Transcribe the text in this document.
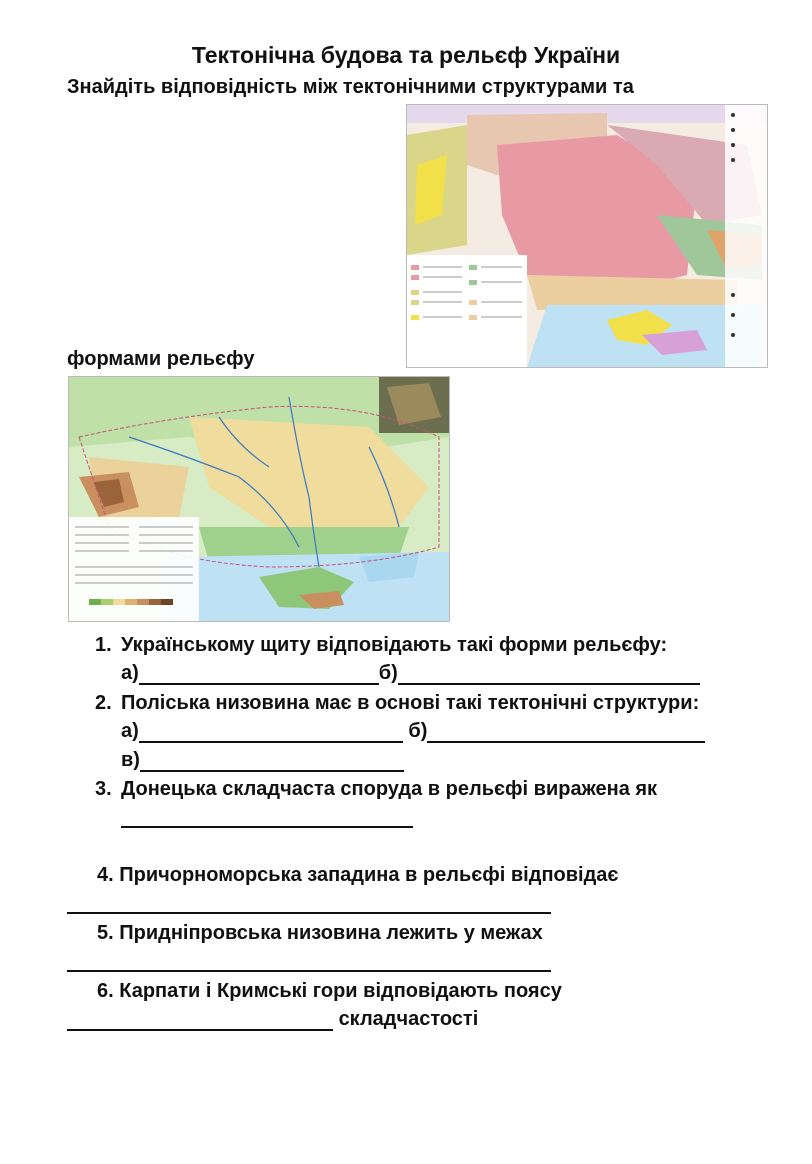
Тектонічна будова та рельєф України
Знайдіть відповідність між тектонічними структурами та
формами рельєфу
1. Українському щиту відповідають такі форми рельєфу:
а)	б)
2. Поліська низовина має в основі такі тектонічні структури:
а)	б)
в)
3. Донецька складчаста споруда в рельєфі виражена як
4. Причорноморська западина в рельєфі відповідає
5. Придніпровська низовина лежить у межах
6. Карпати і Кримські гори відповідають поясу
складчастості
